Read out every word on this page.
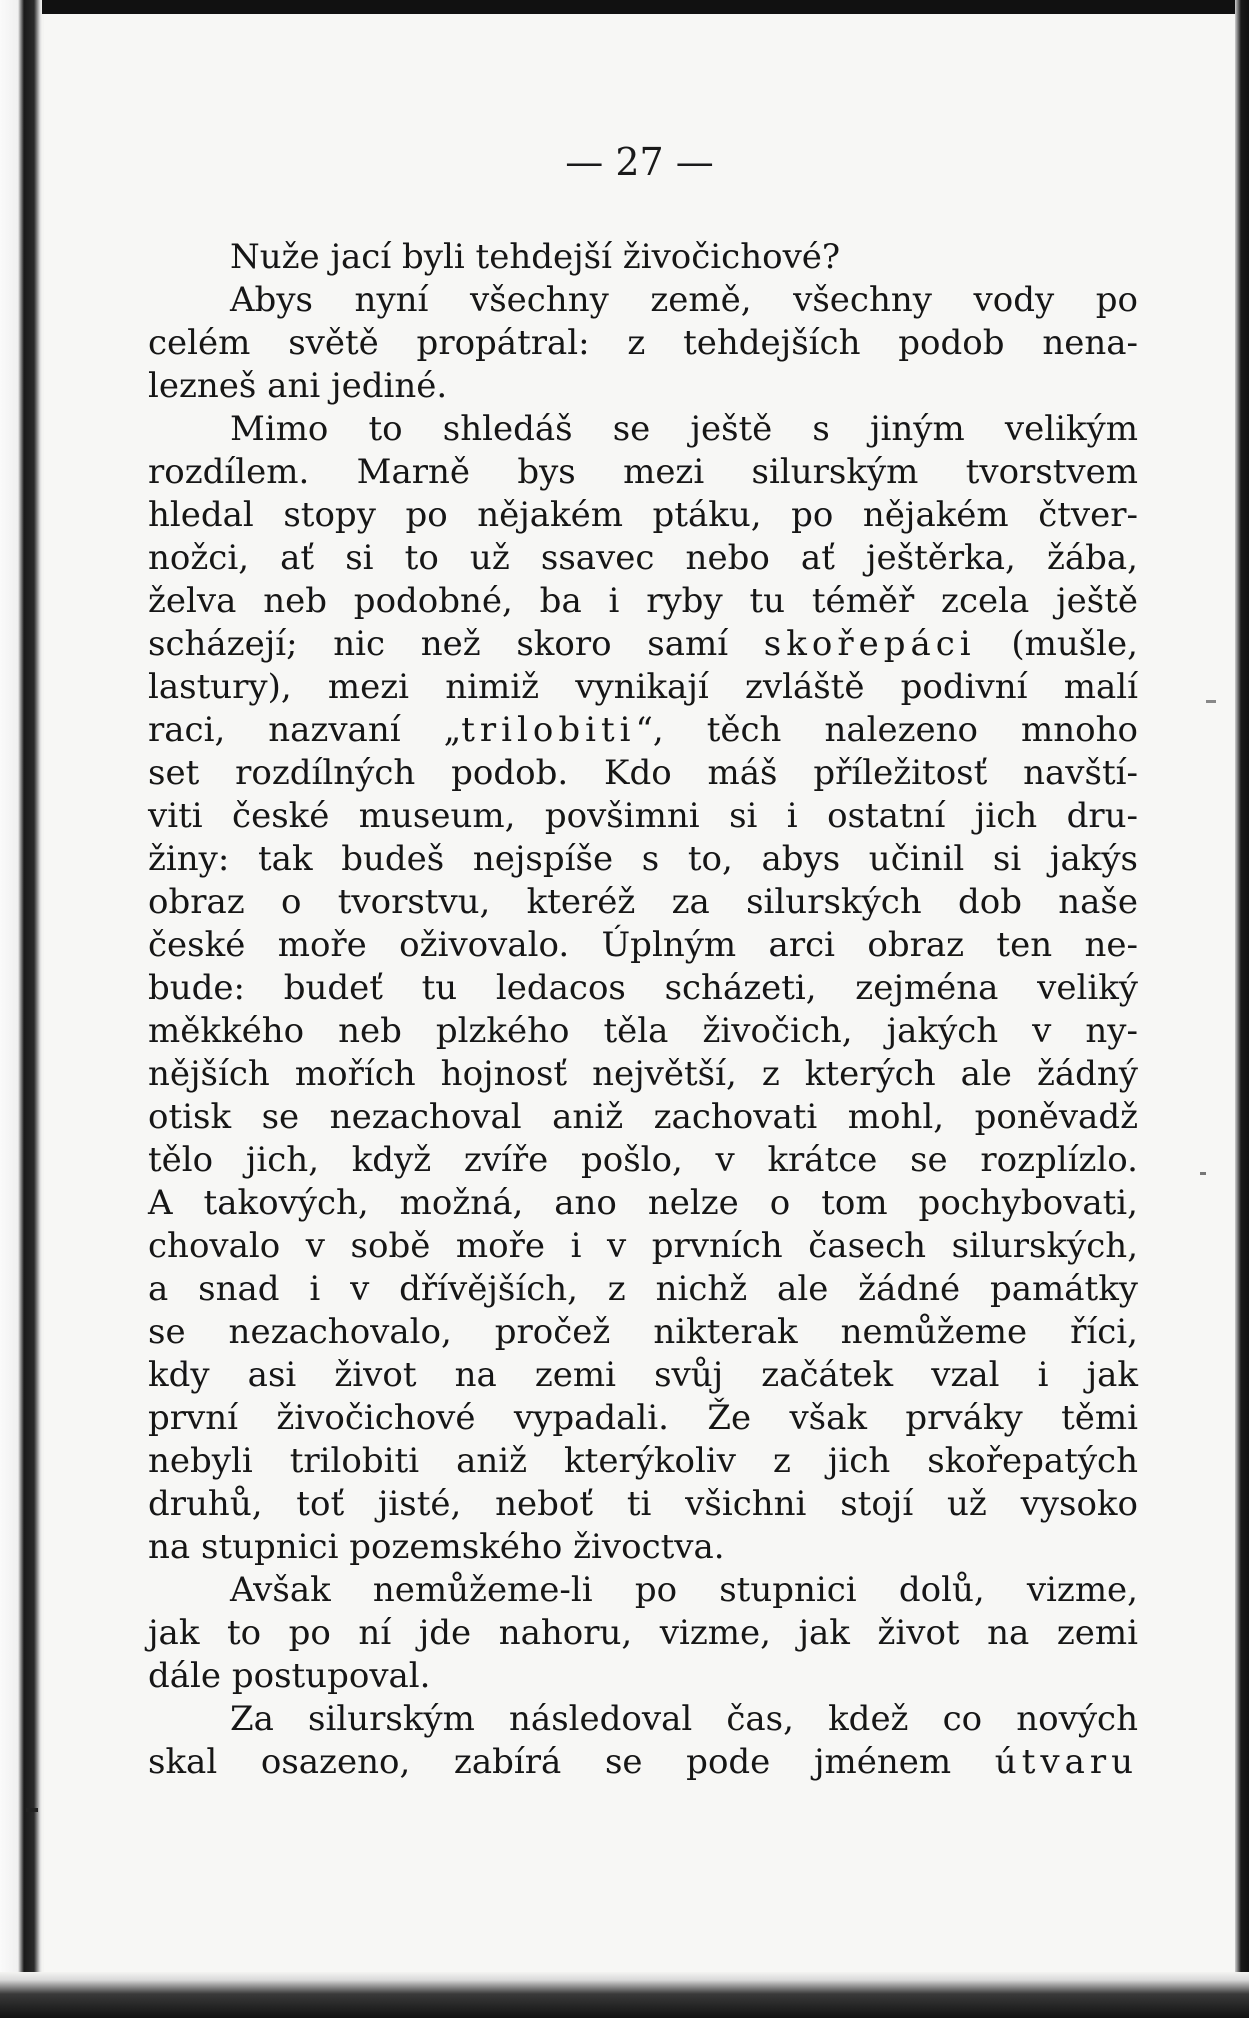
— 27 —

Nuže jací byli tehdejší živočichové?
Abys nyní všechny země, všechny vody po
celém světě propátral: z tehdejších podob nena-
lezneš ani jediné.
Mimo to shledáš se ještě s jiným velikým
rozdílem. Marně bys mezi silurským tvorstvem
hledal stopy po nějakém ptáku, po nějakém čtver-
nožci, ať si to už ssavec nebo ať ještěrka, žába,
želva neb podobné, ba i ryby tu téměř zcela ještě
scházejí; nic než skoro samí skořepáci (mušle,
lastury), mezi nimiž vynikají zvláště podivní malí
raci, nazvaní „trilobiti“, těch nalezeno mnoho
set rozdílných podob. Kdo máš příležitosť navští-
viti české museum, povšimni si i ostatní jich dru-
žiny: tak budeš nejspíše s to, abys učinil si jakýs
obraz o tvorstvu, kteréž za silurských dob naše
české moře oživovalo. Úplným arci obraz ten ne-
bude: budeť tu ledacos scházeti, zejména veliký
měkkého neb plzkého těla živočich, jakých v ny-
nějších mořích hojnosť největší, z kterých ale žádný
otisk se nezachoval aniž zachovati mohl, poněvadž
tělo jich, když zvíře pošlo, v krátce se rozplízlo.
A takových, možná, ano nelze o tom pochybovati,
chovalo v sobě moře i v prvních časech silurských,
a snad i v dřívějších, z nichž ale žádné památky
se nezachovalo, pročež nikterak nemůžeme říci,
kdy asi život na zemi svůj začátek vzal i jak
první živočichové vypadali. Že však prváky těmi
nebyli trilobiti aniž kterýkoliv z jich skořepatých
druhů, toť jisté, neboť ti všichni stojí už vysoko
na stupnici pozemského živoctva.
Avšak nemůžeme-li po stupnici dolů, vizme,
jak to po ní jde nahoru, vizme, jak život na zemi
dále postupoval.
Za silurským následoval čas, kdež co nových
skal osazeno, zabírá se pode jménem útvaru
